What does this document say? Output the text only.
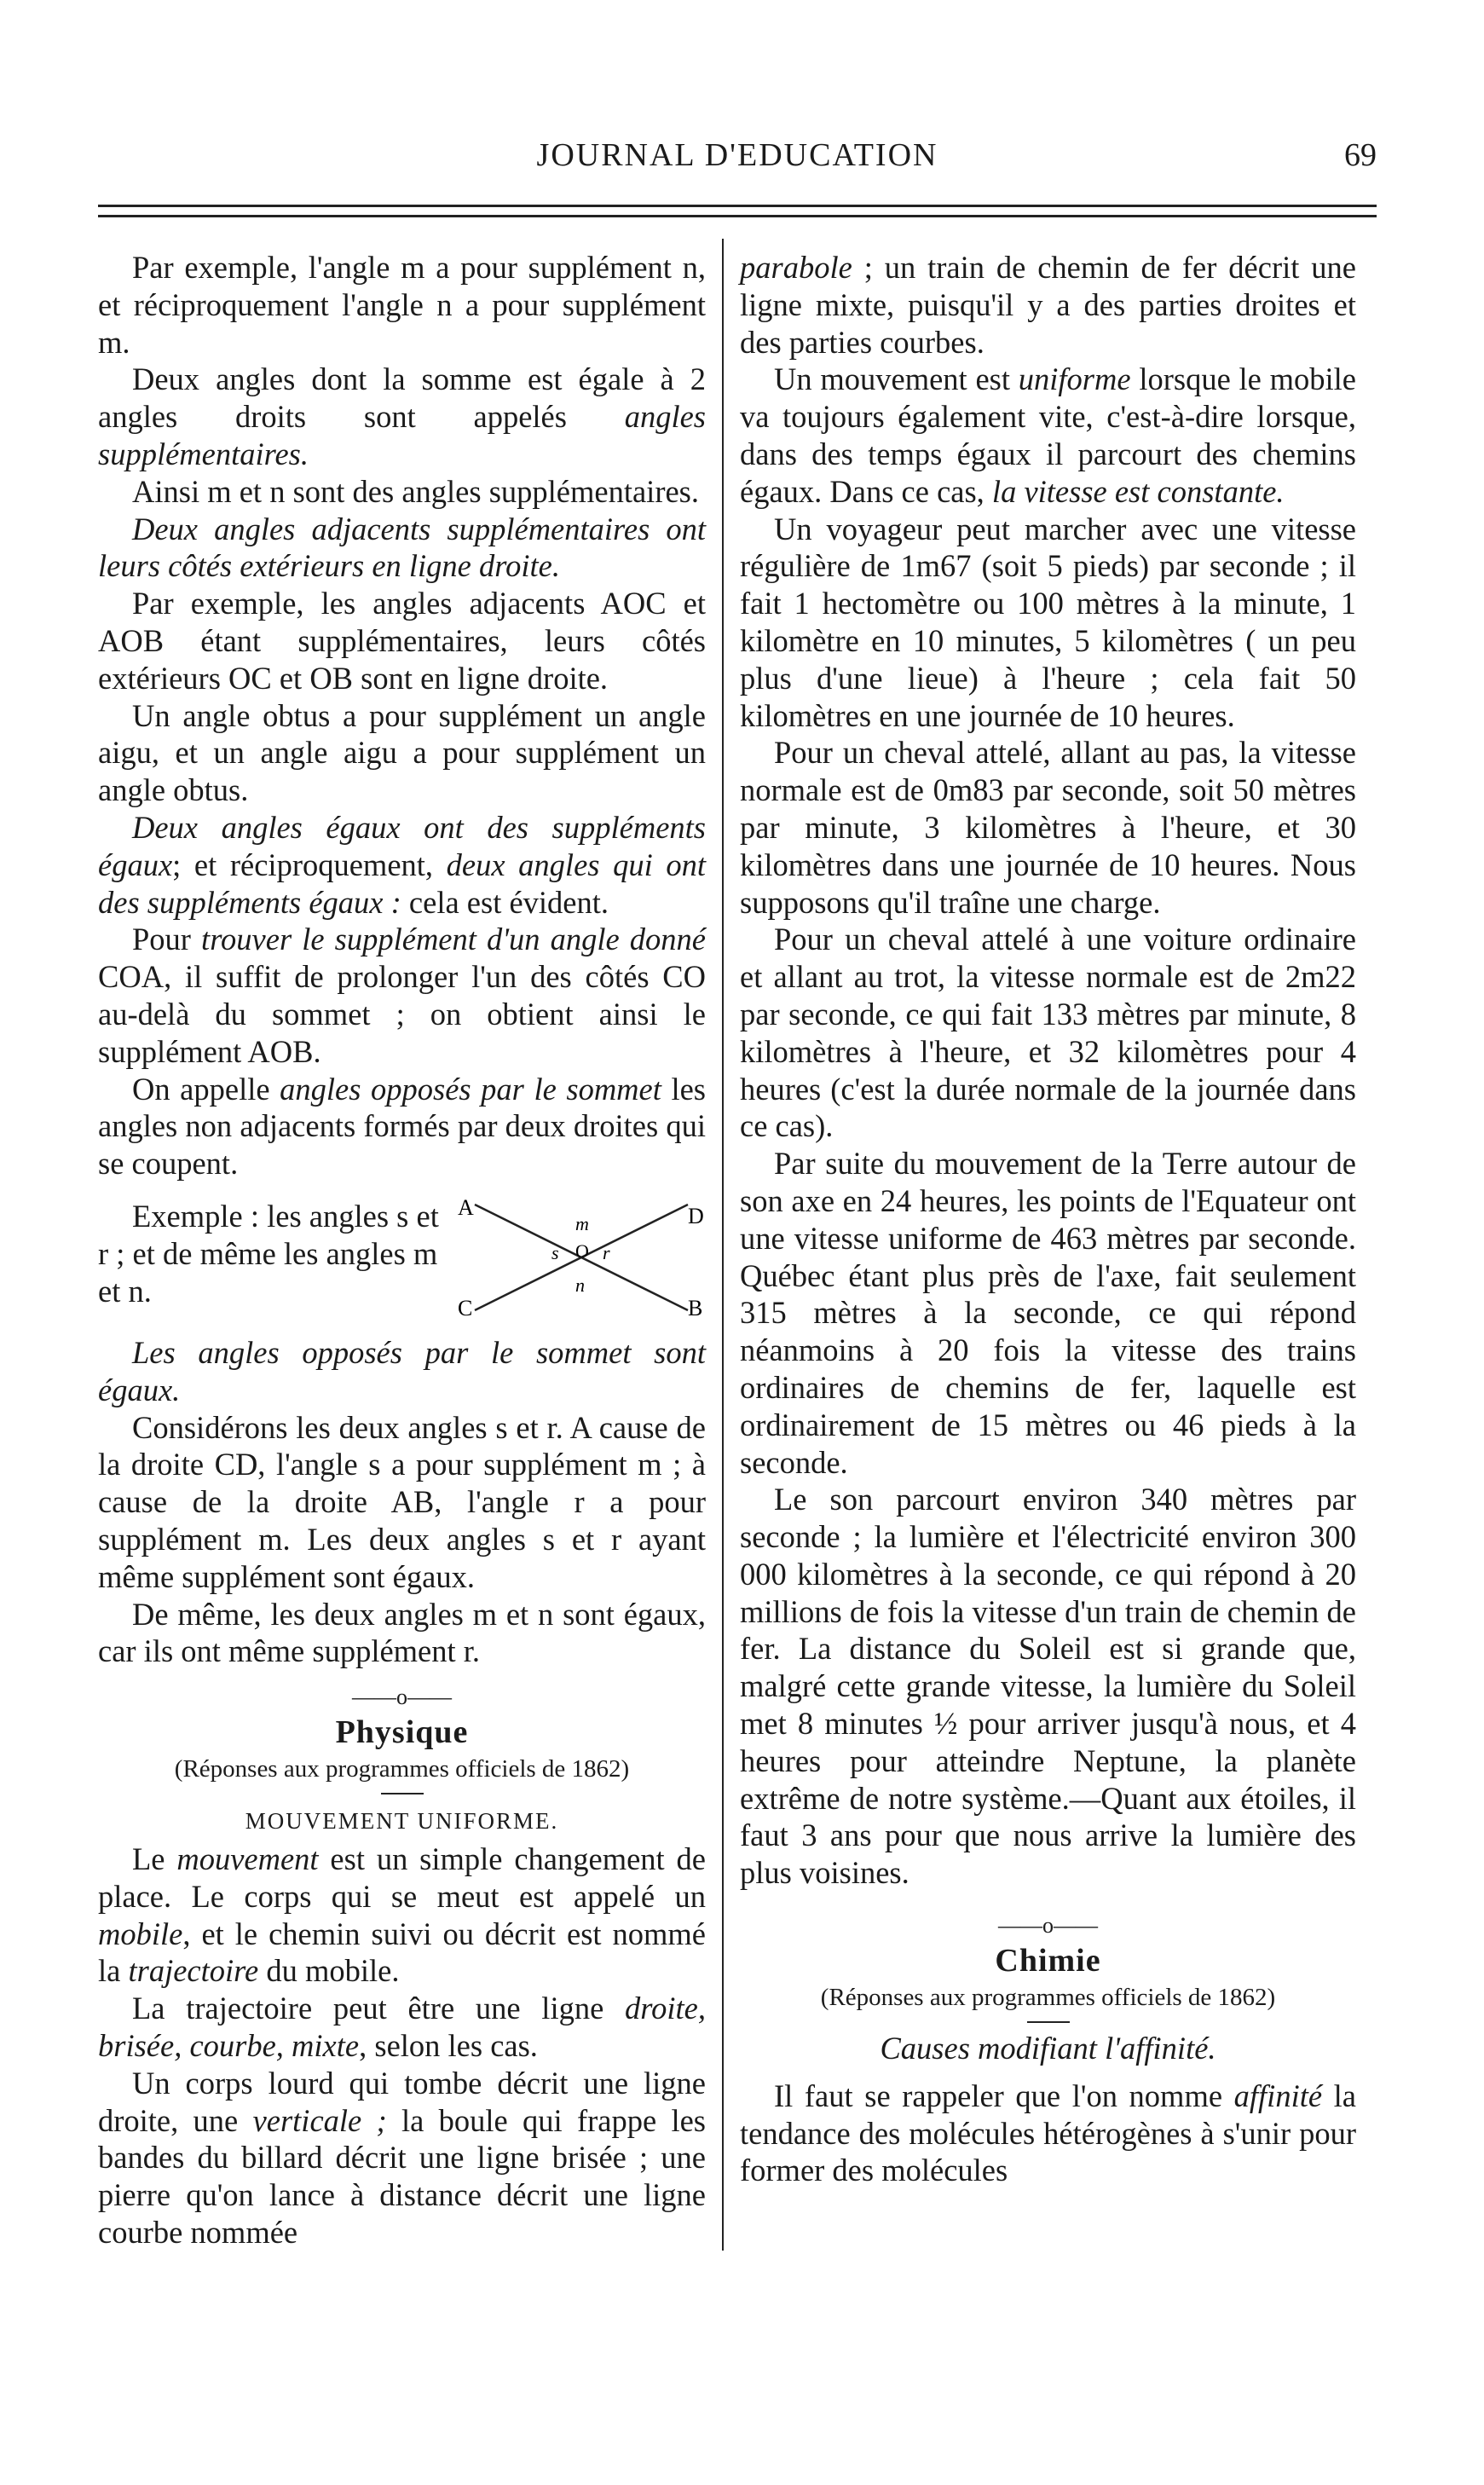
JOURNAL D'EDUCATION	69

Par exemple, l'angle m a pour supplément n, et réciproquement l'angle n a pour supplément m.

Deux angles dont la somme est égale à 2 angles droits sont appelés angles supplémentaires.

Ainsi m et n sont des angles supplémentaires.

Deux angles adjacents supplémentaires ont leurs côtés extérieurs en ligne droite.

Par exemple, les angles adjacents AOC et AOB étant supplémentaires, leurs côtés extérieurs OC et OB sont en ligne droite.

Un angle obtus a pour supplément un angle aigu, et un angle aigu a pour supplément un angle obtus.

Deux angles égaux ont des suppléments égaux; et réciproquement, deux angles qui ont des suppléments égaux : cela est évident.

Pour trouver le supplément d'un angle donné COA, il suffit de prolonger l'un des côtés CO au-delà du sommet ; on obtient ainsi le supplément AOB.

On appelle angles opposés par le sommet les angles non adjacents formés par deux droites qui se coupent.

Exemple : les angles s et r ; et de même les angles m et n.
A	D
C	B
O
m
n
s r

Les angles opposés par le sommet sont égaux.

Considérons les deux angles s et r. A cause de la droite CD, l'angle s a pour supplément m ; à cause de la droite AB, l'angle r a pour supplément m. Les deux angles s et r ayant même supplément sont égaux.

De même, les deux angles m et n sont égaux, car ils ont même supplément r.

——o——
Physique
(Réponses aux programmes officiels de 1862)
MOUVEMENT UNIFORME.

Le mouvement est un simple changement de place. Le corps qui se meut est appelé un mobile, et le chemin suivi ou décrit est nommé la trajectoire du mobile.

La trajectoire peut être une ligne droite, brisée, courbe, mixte, selon les cas.

Un corps lourd qui tombe décrit une ligne droite, une verticale ; la boule qui frappe les bandes du billard décrit une ligne brisée ; une pierre qu'on lance à distance décrit une ligne courbe nommée

parabole ; un train de chemin de fer décrit une ligne mixte, puisqu'il y a des parties droites et des parties courbes.

Un mouvement est uniforme lorsque le mobile va toujours également vite, c'est-à-dire lorsque, dans des temps égaux il parcourt des chemins égaux. Dans ce cas, la vitesse est constante.

Un voyageur peut marcher avec une vitesse régulière de 1m67 (soit 5 pieds) par seconde ; il fait 1 hectomètre ou 100 mètres à la minute, 1 kilomètre en 10 minutes, 5 kilomètres ( un peu plus d'une lieue) à l'heure ; cela fait 50 kilomètres en une journée de 10 heures.

Pour un cheval attelé, allant au pas, la vitesse normale est de 0m83 par seconde, soit 50 mètres par minute, 3 kilomètres à l'heure, et 30 kilomètres dans une journée de 10 heures. Nous supposons qu'il traîne une charge.

Pour un cheval attelé à une voiture ordinaire et allant au trot, la vitesse normale est de 2m22 par seconde, ce qui fait 133 mètres par minute, 8 kilomètres à l'heure, et 32 kilomètres pour 4 heures (c'est la durée normale de la journée dans ce cas).

Par suite du mouvement de la Terre autour de son axe en 24 heures, les points de l'Equateur ont une vitesse uniforme de 463 mètres par seconde. Québec étant plus près de l'axe, fait seulement 315 mètres à la seconde, ce qui répond néanmoins à 20 fois la vitesse des trains ordinaires de chemins de fer, laquelle est ordinairement de 15 mètres ou 46 pieds à la seconde.

Le son parcourt environ 340 mètres par seconde ; la lumière et l'électricité environ 300 000 kilomètres à la seconde, ce qui répond à 20 millions de fois la vitesse d'un train de chemin de fer. La distance du Soleil est si grande que, malgré cette grande vitesse, la lumière du Soleil met 8 minutes ½ pour arriver jusqu'à nous, et 4 heures pour atteindre Neptune, la planète extrême de notre système.—Quant aux étoiles, il faut 3 ans pour que nous arrive la lumière des plus voisines.

——o——
Chimie
(Réponses aux programmes officiels de 1862)
Causes modifiant l'affinité.

Il faut se rappeler que l'on nomme affinité la tendance des molécules hétérogènes à s'unir pour former des molécules
